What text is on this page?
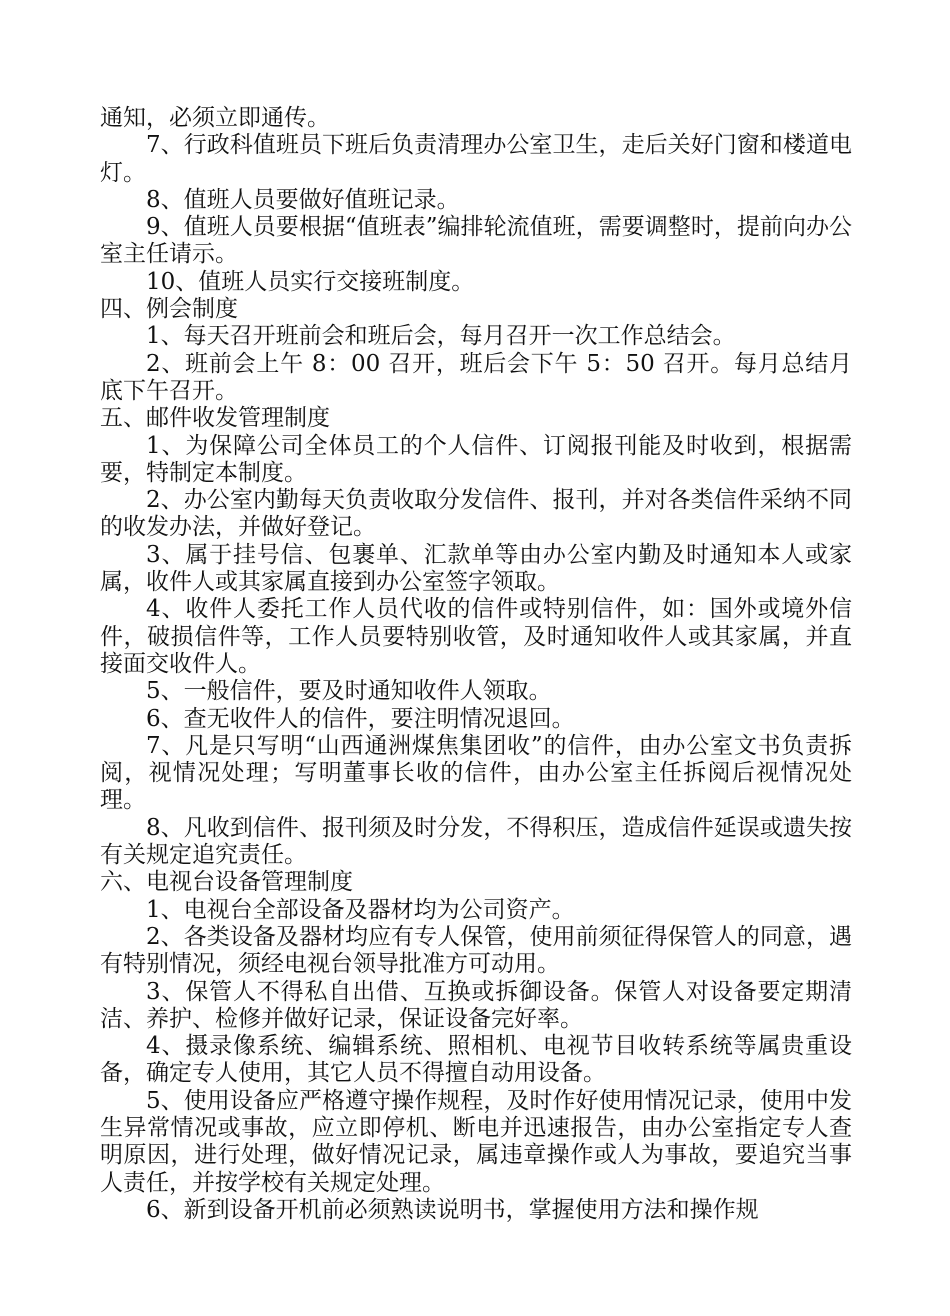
通知，必须立即通传。

7、行政科值班员下班后负责清理办公室卫生，走后关好门窗和楼道电灯。

8、值班人员要做好值班记录。

9、值班人员要根据“值班表”编排轮流值班，需要调整时，提前向办公室主任请示。

10、值班人员实行交接班制度。

四、例会制度

1、每天召开班前会和班后会，每月召开一次工作总结会。

2、班前会上午 8：00 召开，班后会下午 5：50 召开。每月总结月底下午召开。

五、邮件收发管理制度

1、为保障公司全体员工的个人信件、订阅报刊能及时收到，根据需要，特制定本制度。

2、办公室内勤每天负责收取分发信件、报刊，并对各类信件采纳不同的收发办法，并做好登记。

3、属于挂号信、包裹单、汇款单等由办公室内勤及时通知本人或家属，收件人或其家属直接到办公室签字领取。

4、收件人委托工作人员代收的信件或特别信件，如：国外或境外信件，破损信件等，工作人员要特别收管，及时通知收件人或其家属，并直接面交收件人。

5、一般信件，要及时通知收件人领取。

6、查无收件人的信件，要注明情况退回。

7、凡是只写明“山西通洲煤焦集团收”的信件，由办公室文书负责拆阅，视情况处理；写明董事长收的信件，由办公室主任拆阅后视情况处理。

8、凡收到信件、报刊须及时分发，不得积压，造成信件延误或遗失按有关规定追究责任。

六、电视台设备管理制度

1、电视台全部设备及器材均为公司资产。

2、各类设备及器材均应有专人保管，使用前须征得保管人的同意，遇有特别情况，须经电视台领导批准方可动用。

3、保管人不得私自出借、互换或拆御设备。保管人对设备要定期清洁、养护、检修并做好记录，保证设备完好率。

4、摄录像系统、编辑系统、照相机、电视节目收转系统等属贵重设备，确定专人使用，其它人员不得擅自动用设备。

5、使用设备应严格遵守操作规程，及时作好使用情况记录，使用中发生异常情况或事故，应立即停机、断电并迅速报告，由办公室指定专人查明原因，进行处理，做好情况记录，属违章操作或人为事故，要追究当事人责任，并按学校有关规定处理。

6、新到设备开机前必须熟读说明书，掌握使用方法和操作规
